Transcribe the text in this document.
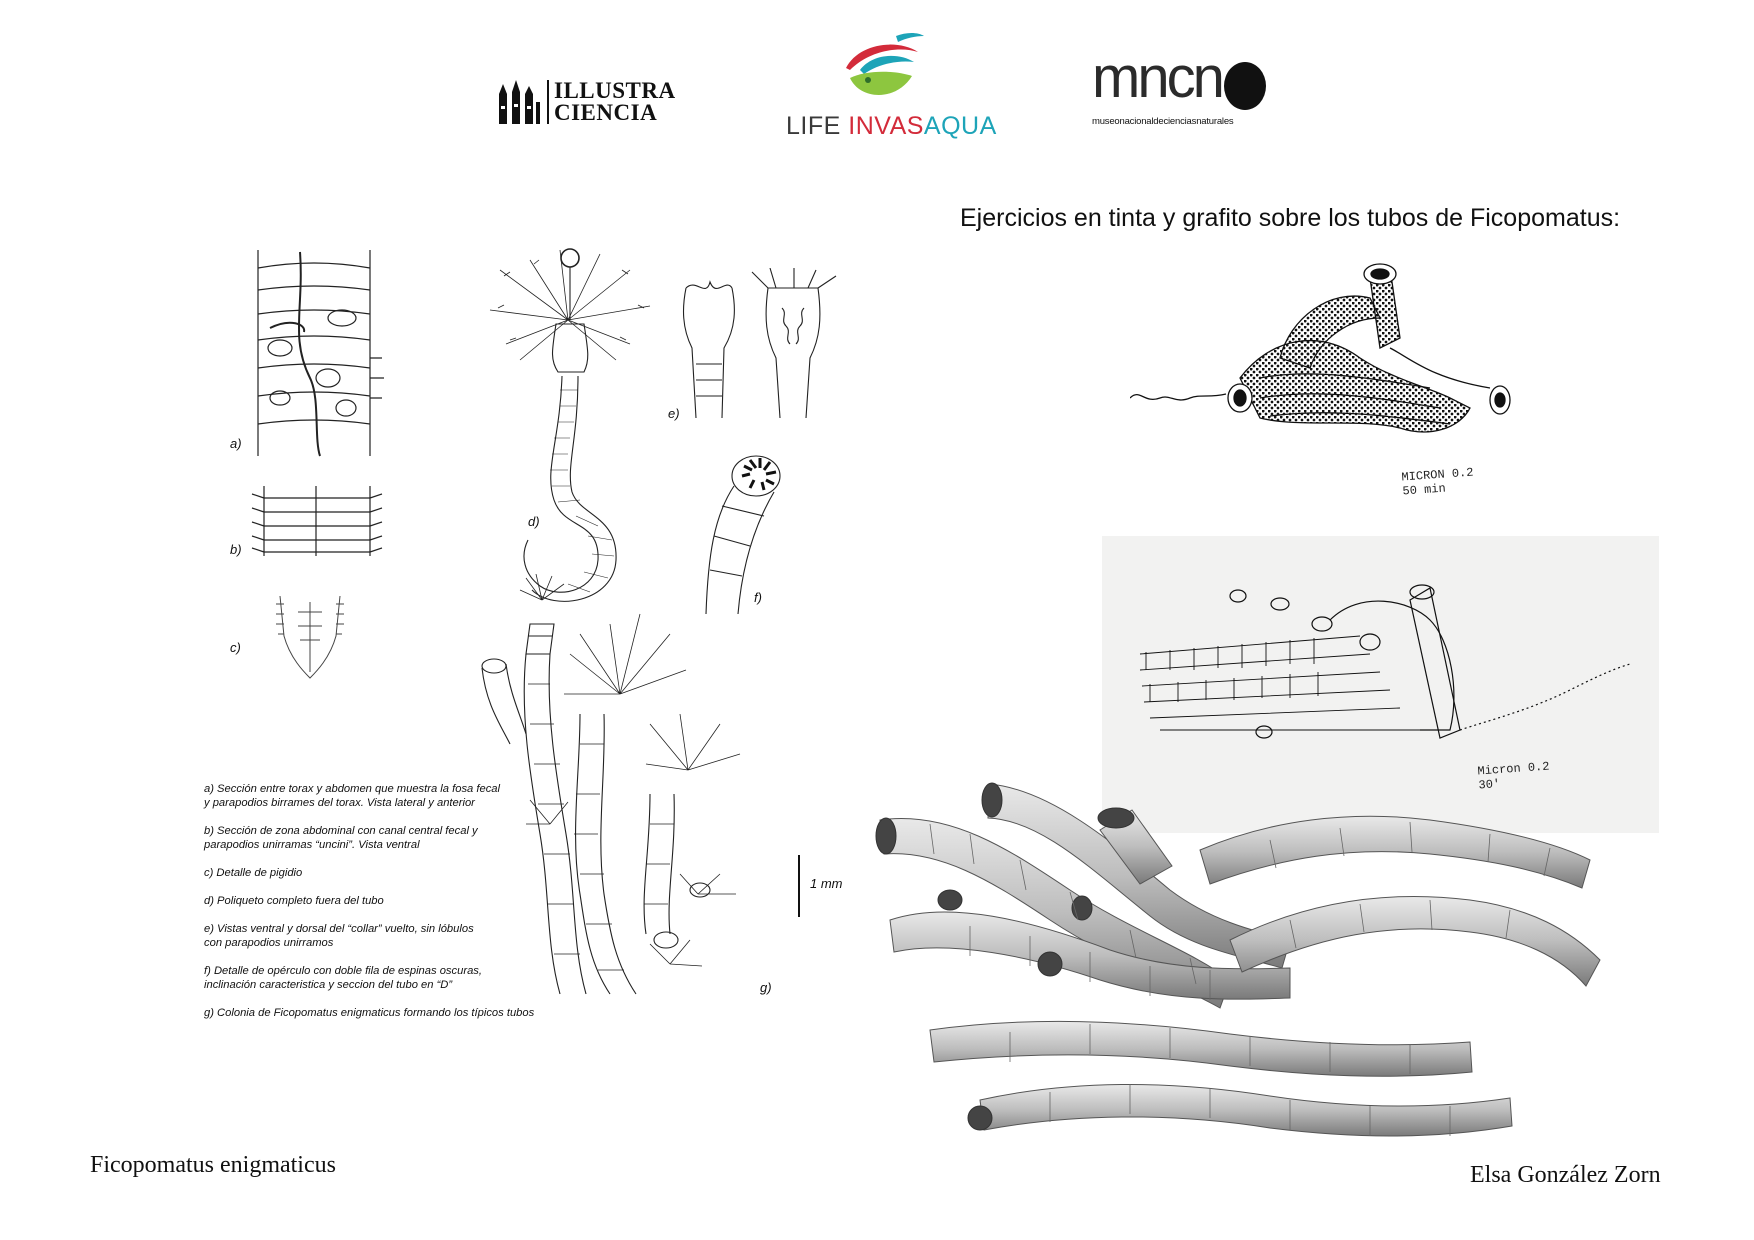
ILLUSTRA
CIENCIA	LIFE INVASAQUA
mncn
museonacionaldecienciasnaturales
Ejercicios en tinta y grafito sobre los tubos de Ficopomatus:
a)
b)
c)
d)
e)
f)
g)
1 mm

a) Sección entre torax y abdomen que muestra la fosa fecal
y parapodios birrames del torax. Vista lateral y anterior

b) Sección de zona abdominal con canal central fecal y
parapodios unirramas “uncini”. Vista ventral

c) Detalle de pigidio

d) Poliqueto completo fuera del tubo

e) Vistas ventral y dorsal del “collar” vuelto, sin lóbulos
con parapodios unirramos

f) Detalle de opérculo con doble fila de espinas oscuras,
inclinación caracteristica y seccion del tubo en “D”

g) Colonia de Ficopomatus enigmaticus formando los típicos tubos

MICRON 0.2
50 min
Micron 0.2
30'
Ficopomatus enigmaticus	Elsa González Zorn
